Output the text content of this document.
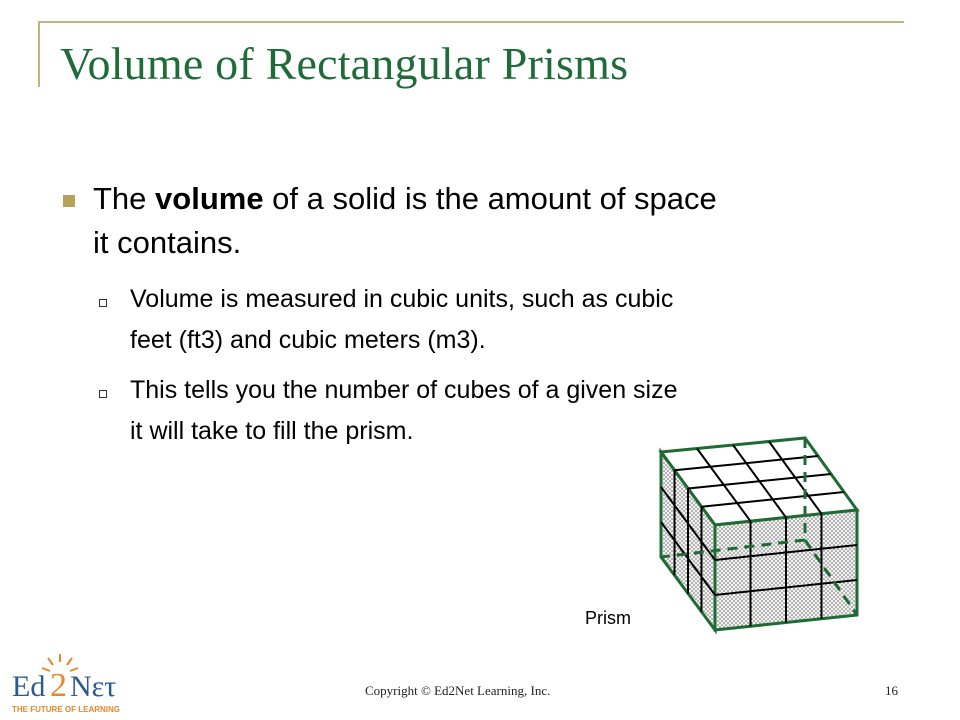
Volume of Rectangular Prisms
The volume of a solid is the amount of space
it contains.
Volume is measured in cubic units, such as cubic
feet (ft3) and cubic meters (m3).
This tells you the number of cubes of a given size
it will take to fill the prism.
Prism
Ed 2 Nετ
THE FUTURE OF LEARNING
Copyright © Ed2Net Learning, Inc.	16
